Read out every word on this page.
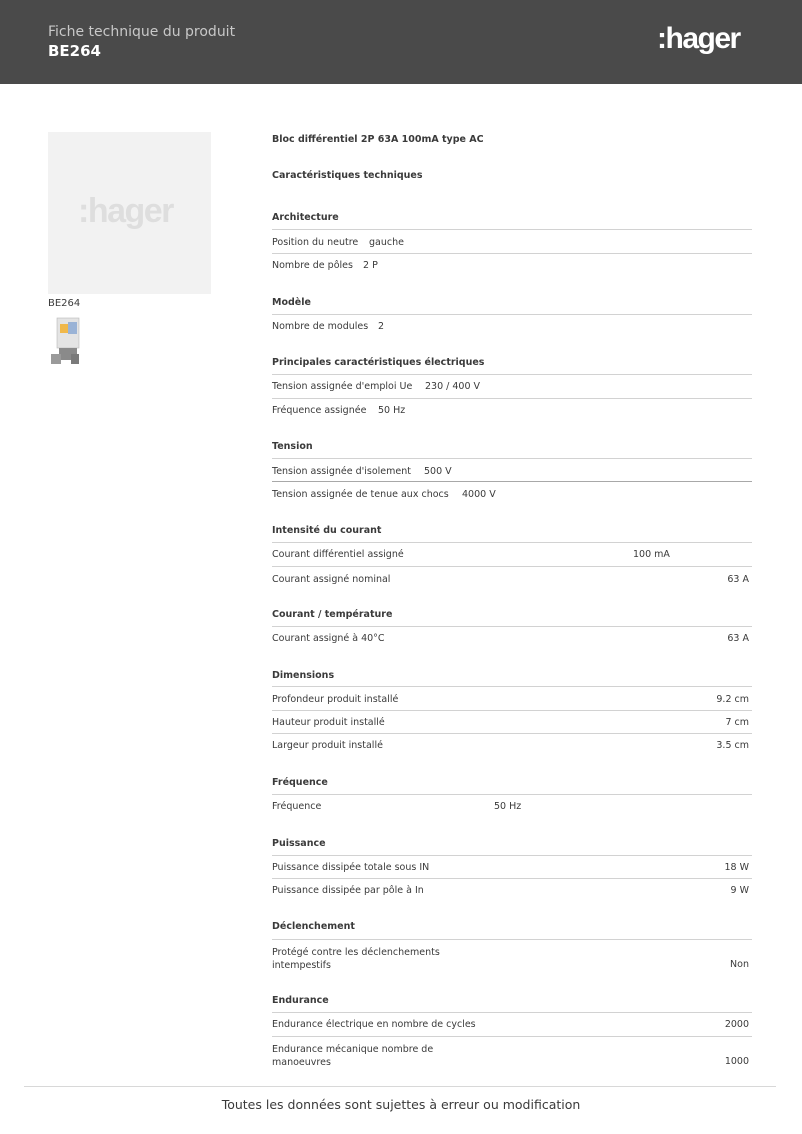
Fiche technique du produit
BE264	:hager
:hager
BE264
Bloc différentiel 2P 63A 100mA type AC
Caractéristiques techniques
Architecture
Position du neutre gauche
Nombre de pôles 2 P
Modèle
Nombre de modules 2
Principales caractéristiques électriques
Tension assignée d'emploi Ue 230 / 400 V
Fréquence assignée 50 Hz
Tension
Tension assignée d'isolement 500 V
Tension assignée de tenue aux chocs 4000 V
Intensité du courant
Courant différentiel assigné	100 mA
Courant assigné nominal	63 A
Courant / température
Courant assigné à 40°C	63 A
Dimensions
Profondeur produit installé	9.2 cm
Hauteur produit installé	7 cm
Largeur produit installé	3.5 cm
Fréquence
Fréquence	50 Hz
Puissance
Puissance dissipée totale sous IN	18 W
Puissance dissipée par pôle à In	9 W
Déclenchement
Protégé contre les déclenchements intempestifs	Non
Endurance
Endurance électrique en nombre de cycles	2000
Endurance mécanique nombre de manoeuvres	1000
Toutes les données sont sujettes à erreur ou modification
